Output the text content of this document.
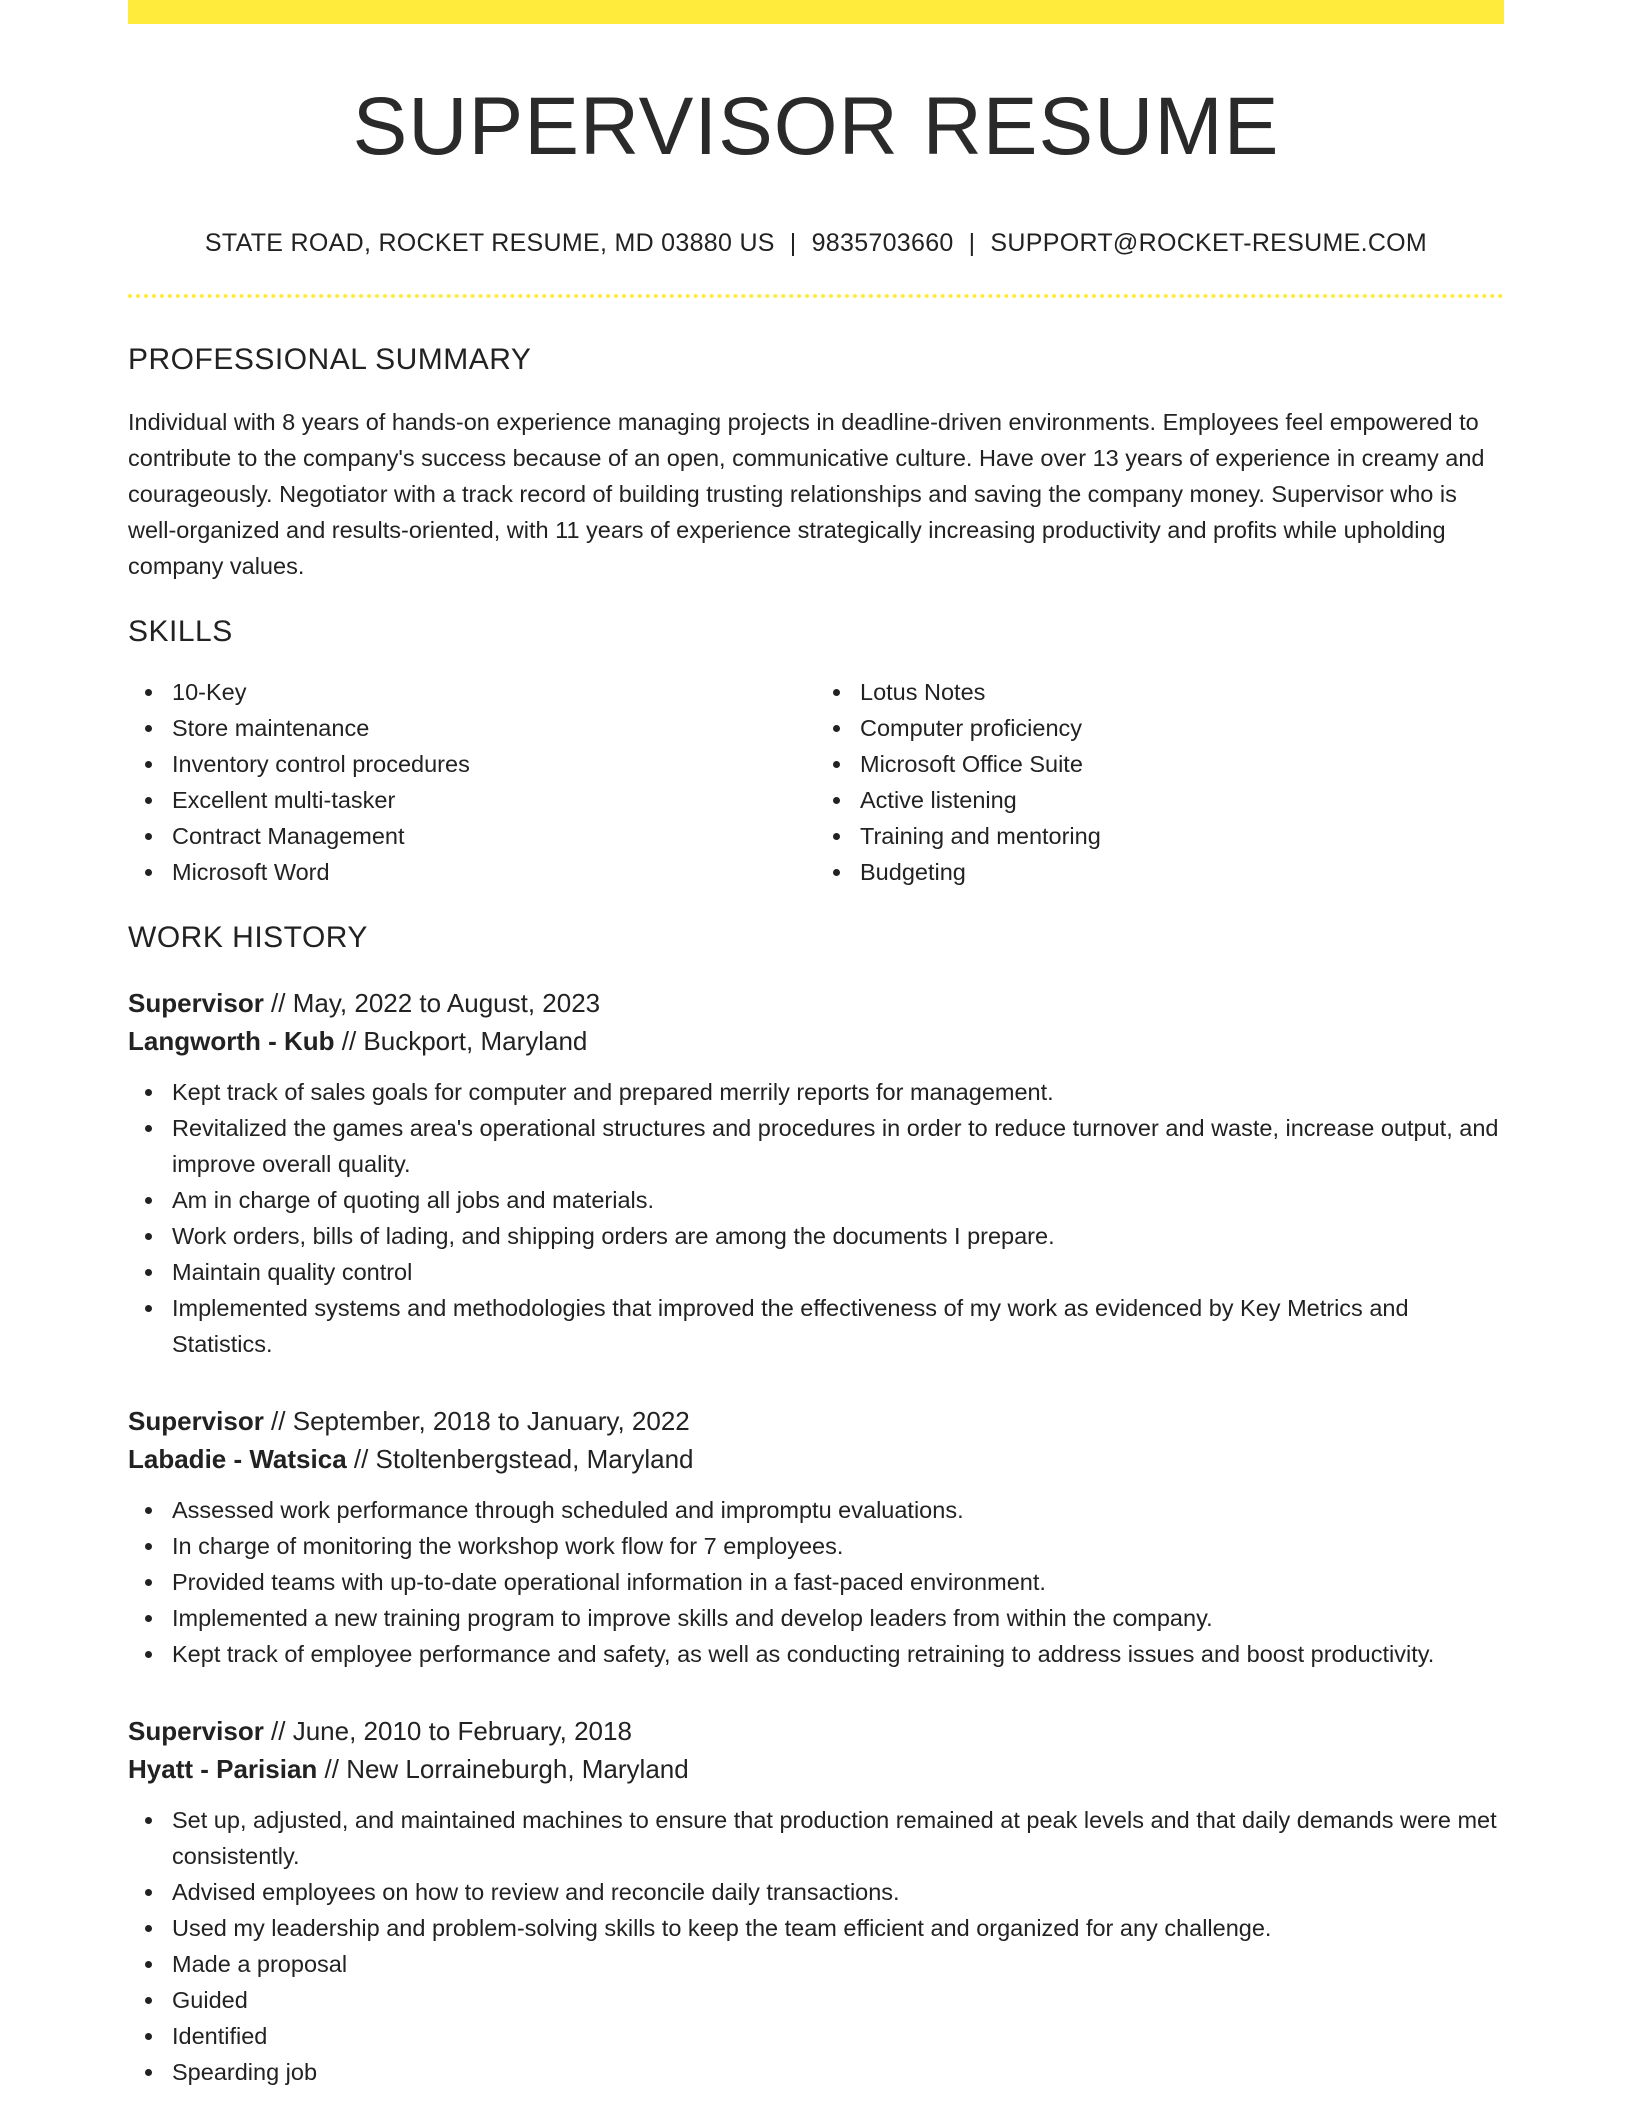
SUPERVISOR RESUME
STATE ROAD, ROCKET RESUME, MD 03880 US | 9835703660 | SUPPORT@ROCKET-RESUME.COM
PROFESSIONAL SUMMARY

Individual with 8 years of hands-on experience managing projects in deadline-driven environments. Employees feel empowered to contribute to the company's success because of an open, communicative culture. Have over 13 years of experience in creamy and courageously. Negotiator with a track record of building trusting relationships and saving the company money. Supervisor who is well-organized and results-oriented, with 11 years of experience strategically increasing productivity and profits while upholding company values.

SKILLS
10-Key
Store maintenance
Inventory control procedures
Excellent multi-tasker
Contract Management
Microsoft Word
Lotus Notes
Computer proficiency
Microsoft Office Suite
Active listening
Training and mentoring
Budgeting
WORK HISTORY
Supervisor // May, 2022 to August, 2023
Langworth - Kub // Buckport, Maryland
Kept track of sales goals for computer and prepared merrily reports for management.
Revitalized the games area's operational structures and procedures in order to reduce turnover and waste, increase output, and improve overall quality.
Am in charge of quoting all jobs and materials.
Work orders, bills of lading, and shipping orders are among the documents I prepare.
Maintain quality control
Implemented systems and methodologies that improved the effectiveness of my work as evidenced by Key Metrics and Statistics.
Supervisor // September, 2018 to January, 2022
Labadie - Watsica // Stoltenbergstead, Maryland
Assessed work performance through scheduled and impromptu evaluations.
In charge of monitoring the workshop work flow for 7 employees.
Provided teams with up-to-date operational information in a fast-paced environment.
Implemented a new training program to improve skills and develop leaders from within the company.
Kept track of employee performance and safety, as well as conducting retraining to address issues and boost productivity.
Supervisor // June, 2010 to February, 2018
Hyatt - Parisian // New Lorraineburgh, Maryland
Set up, adjusted, and maintained machines to ensure that production remained at peak levels and that daily demands were met consistently.
Advised employees on how to review and reconcile daily transactions.
Used my leadership and problem-solving skills to keep the team efficient and organized for any challenge.
Made a proposal
Guided
Identified
Spearding job
